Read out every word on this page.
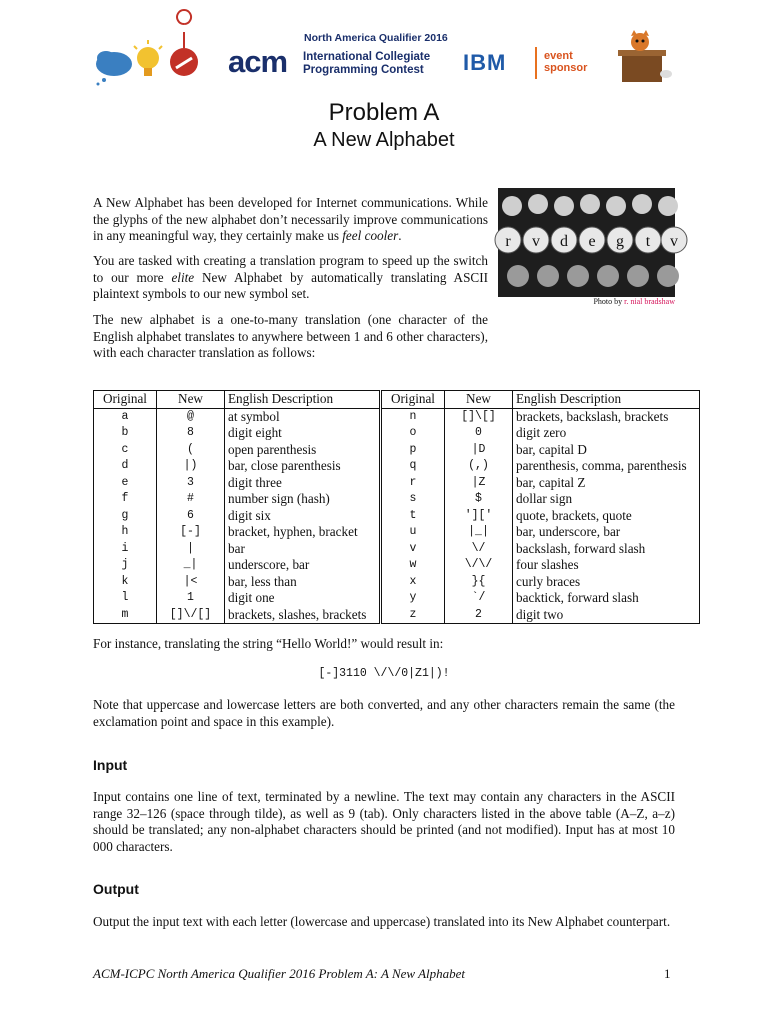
North America Qualifier 2016
acm International Collegiate
Programming Contest IBM	event
sponsor
Problem A
A New Alphabet
A New Alphabet has been developed for Internet communications. While the glyphs of the new alphabet don’t necessarily improve communications in any meaningful way, they certainly make us feel cooler.
You are tasked with creating a translation program to speed up the switch to our more elite New Alphabet by automatically translating ASCII plaintext symbols to our new symbol set.
The new alphabet is a one-to-many translation (one character of the English alphabet translates to anywhere between 1 and 6 other characters), with each character translation as follows:
r v d e g t v
Photo by r. nial bradshaw
Original	New	English Description	Original	New	English Description
a	@	at symbol	n	[]\[]	brackets, backslash, brackets
b	8	digit eight	o	0	digit zero
c	(	open parenthesis	p	|D	bar, capital D
d	|)	bar, close parenthesis	q	(,)	parenthesis, comma, parenthesis
e	3	digit three	r	|Z	bar, capital Z
f	#	number sign (hash)	s	$	dollar sign
g	6	digit six	t	']['	quote, brackets, quote
h	[-]	bracket, hyphen, bracket	u	|_|	bar, underscore, bar
i	|	bar	v	\/	backslash, forward slash
j	_|	underscore, bar	w	\/\/	four slashes
k	|<	bar, less than	x	}{	curly braces
l	1	digit one	y	`/	backtick, forward slash
m	[]\/[]	brackets, slashes, brackets	z	2	digit two
For instance, translating the string “Hello World!” would result in:
[-]3110 \/\/0|Z1|)!
Note that uppercase and lowercase letters are both converted, and any other characters remain the same (the exclamation point and space in this example).
Input
Input contains one line of text, terminated by a newline. The text may contain any characters in the ASCII range 32–126 (space through tilde), as well as 9 (tab). Only characters listed in the above table (A–Z, a–z) should be translated; any non-alphabet characters should be printed (and not modified). Input has at most 10 000 characters.
Output
Output the input text with each letter (lowercase and uppercase) translated into its New Alphabet counterpart.
ACM-ICPC North America Qualifier 2016 Problem A: A New Alphabet	1
